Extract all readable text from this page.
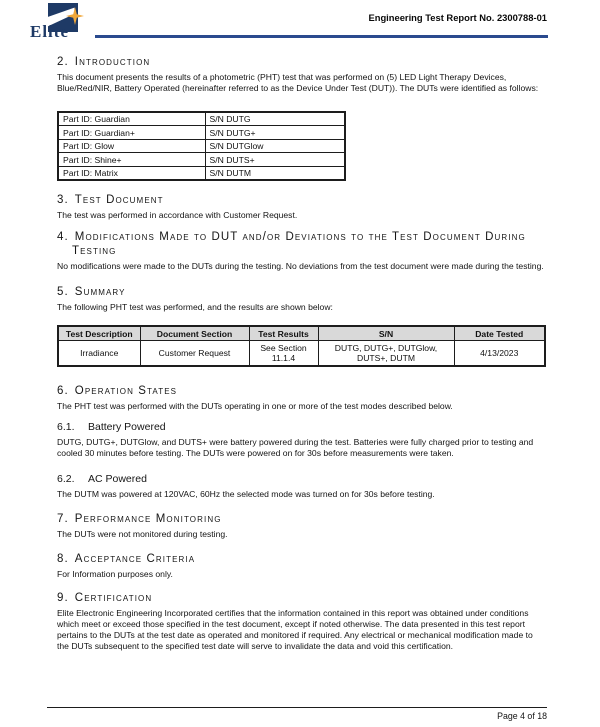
Elite
Engineering Test Report No. 2300788-01
2. Introduction

This document presents the results of a photometric (PHT) test that was performed on (5) LED Light Therapy Devices, Blue/Red/NIR, Battery Operated (hereinafter referred to as the Device Under Test (DUT)). The DUTs were identified as follows:

Part ID: Guardian	S/N DUTG
Part ID: Guardian+	S/N DUTG+
Part ID: Glow	S/N DUTGlow
Part ID: Shine+	S/N DUTS+
Part ID: Matrix	S/N DUTM
3. Test Document

The test was performed in accordance with Customer Request.

4. Modifications Made to DUT and/or Deviations to the Test Document During Testing

No modifications were made to the DUTs during the testing. No deviations from the test document were made during the testing.

5. Summary

The following PHT test was performed, and the results are shown below:

Test Description	Document Section	Test Results	S/N	Date Tested
Irradiance	Customer Request	See Section 11.1.4	DUTG, DUTG+, DUTGlow, DUTS+, DUTM	4/13/2023
6. Operation States

The PHT test was performed with the DUTs operating in one or more of the test modes described below.

6.1. Battery Powered

DUTG, DUTG+, DUTGlow, and DUTS+ were battery powered during the test. Batteries were fully charged prior to testing and cooled 30 minutes before testing. The DUTs were powered on for 30s before measurements were taken.

6.2. AC Powered

The DUTM was powered at 120VAC, 60Hz the selected mode was turned on for 30s before testing.

7. Performance Monitoring

The DUTs were not monitored during testing.

8. Acceptance Criteria

For Information purposes only.

9. Certification

Elite Electronic Engineering Incorporated certifies that the information contained in this report was obtained under conditions which meet or exceed those specified in the test document, except if noted otherwise. The data presented in this test report pertains to the DUTs at the test date as operated and monitored if required. Any electrical or mechanical modification made to the DUTs subsequent to the specified test date will serve to invalidate the data and void this certification.

Page 4 of 18
